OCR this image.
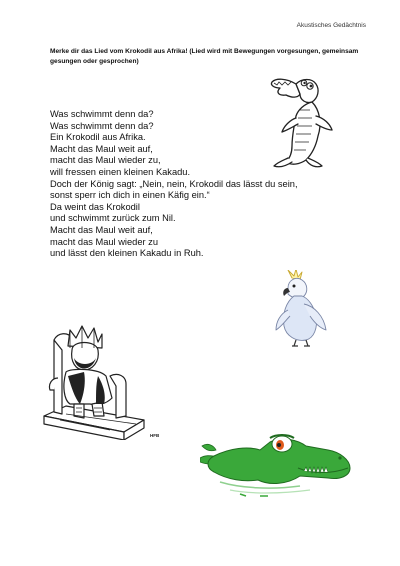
Akustisches Gedächtnis
Merke dir das Lied vom Krokodil aus Afrika! (Lied wird mit Bewegungen vorgesungen, gemeinsam gesungen oder gesprochen)
Was schwimmt denn da?
Was schwimmt denn da?
Ein Krokodil aus Afrika.
Macht das Maul weit auf,
macht das Maul wieder zu,
will fressen einen kleinen Kakadu.
Doch der König sagt: „Nein, nein, Krokodil das lässt du sein,
sonst sperr ich dich in einen Käfig ein.“
Da weint das Krokodil
und schwimmt zurück zum Nil.
Macht das Maul weit auf,
macht das Maul wieder zu
und lässt den kleinen Kakadu in Ruh.
HFB
